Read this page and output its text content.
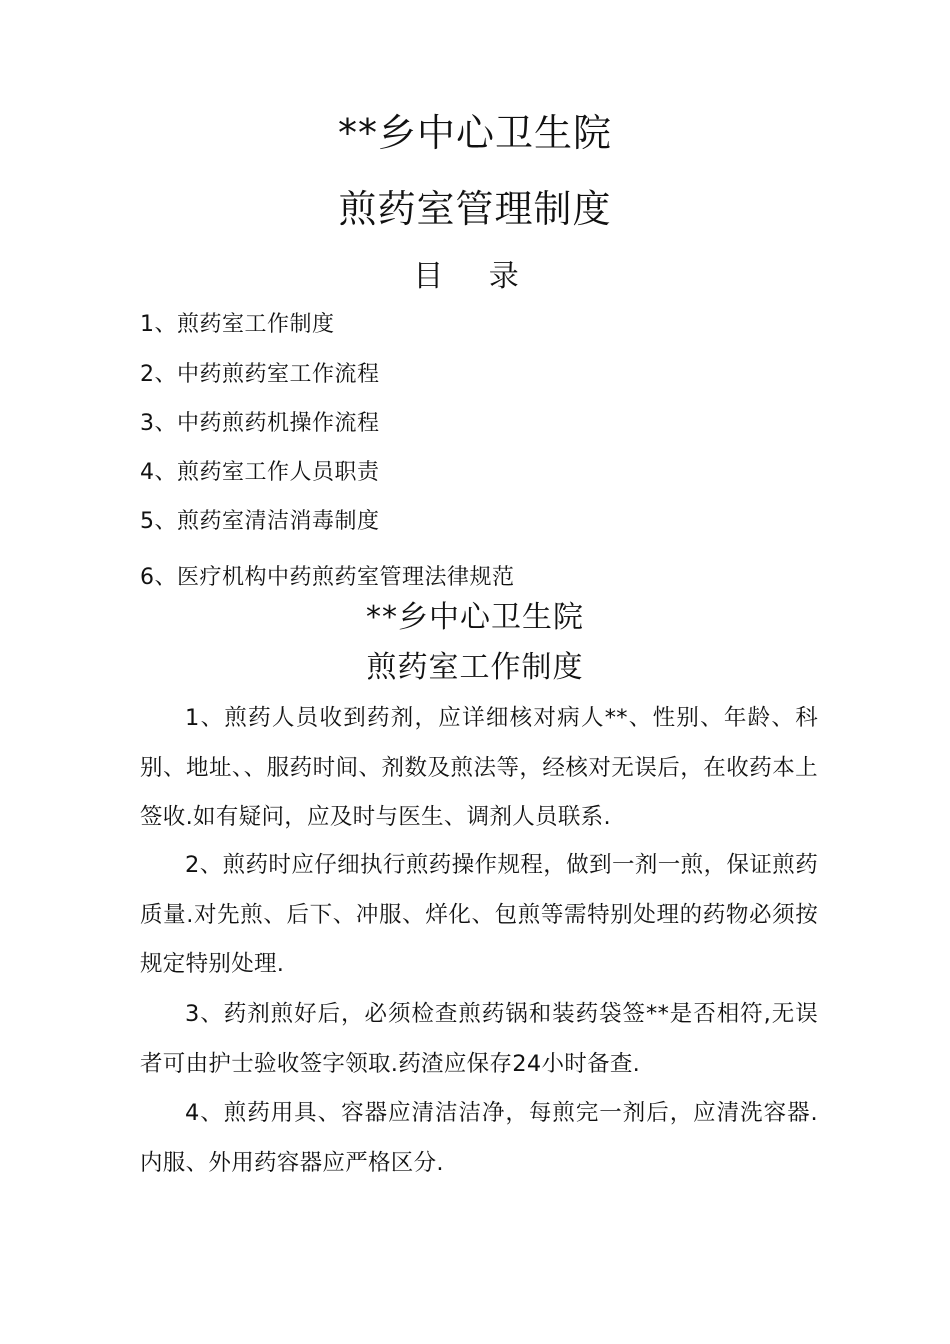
**乡中心卫生院
煎药室管理制度
目 录
1、煎药室工作制度
2、中药煎药室工作流程
3、中药煎药机操作流程
4、煎药室工作人员职责
5、煎药室清洁消毒制度
6、医疗机构中药煎药室管理法律规范
**乡中心卫生院
煎药室工作制度
1、煎药人员收到药剂，应详细核对病人**、性别、年龄、科别、地址、、服药时间、剂数及煎法等，经核对无误后，在收药本上签收.如有疑问，应及时与医生、调剂人员联系.
2、煎药时应仔细执行煎药操作规程，做到一剂一煎，保证煎药质量.对先煎、后下、冲服、烊化、包煎等需特别处理的药物必须按规定特别处理.
3、药剂煎好后，必须检查煎药锅和装药袋签**是否相符,无误者可由护士验收签字领取.药渣应保存24小时备查.
4、煎药用具、容器应清洁洁净，每煎完一剂后，应清洗容器.内服、外用药容器应严格区分.
